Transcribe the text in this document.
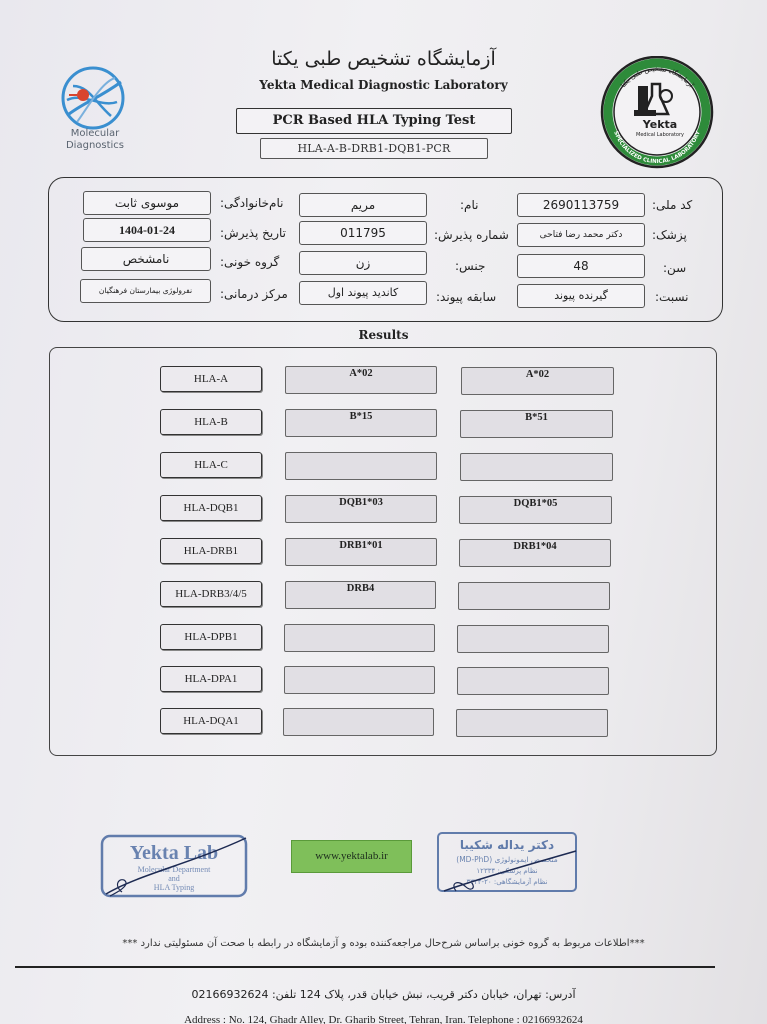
آزمایشگاه تشخیص طبی یکتا
Yekta Medical Diagnostic Laboratory
Molecular
Diagnostics
آزمایشگاه تشخیص طبی یکتا
SPECIALIZED CLINICAL LABORATORY
Yekta
Medical Laboratory
PCR Based HLA Typing Test
HLA-A-B-DRB1-DQB1-PCR
2690113759	کد ملی:
مریم	نام:
موسوی ثابت	نام‌خانوادگی:
دکتر محمد رضا فتاحی	پزشک:
011795	شماره پذیرش:
1404-01-24	تاریخ پذیرش:
48	سن:
زن	جنس:
نامشخص	گروه خونی:
گیرنده پیوند	نسبت:
کاندید پیوند اول	سابقه پیوند:
نفرولوژی بیمارستان فرهنگیان	مرکز درمانی:
Results
HLA-A	A*02	A*02
HLA-B	B*15	B*51
HLA-C
HLA-DQB1	DQB1*03	DQB1*05
HLA-DRB1	DRB1*01	DRB1*04
HLA-DRB3/4/5	DRB4
HLA-DPB1
HLA-DPA1
HLA-DQA1
Yekta Lab
Molecular Department
and
HLA Typing
www.yektalab.ir
دکتر یداله شکیبا
(MD-PhD) متخصص ایمونولوژی
نظام پزشکی: ۱۲۳۳۴
نظام آزمایشگاهی: ۲۰-۳۳۲۴
***اطلاعات مربوط به گروه خونی براساس شرح‌حال مراجعه‌کننده بوده و آزمایشگاه در رابطه با صحت آن مسئولیتی ندارد ***
آدرس: تهران، خیابان دکتر قریب، نبش خیابان قدر، پلاک 124 تلفن: 02166932624
Address : No. 124, Ghadr Alley, Dr. Gharib Street, Tehran, Iran. Telephone : 02166932624
